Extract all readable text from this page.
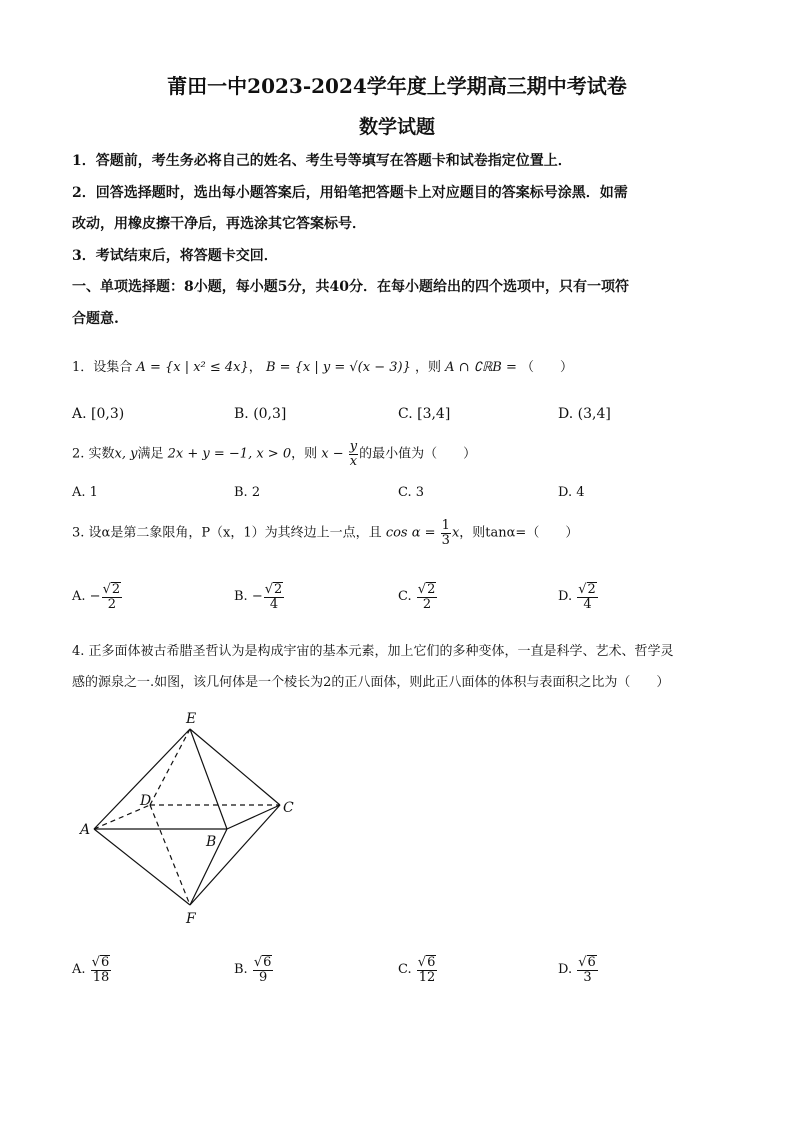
莆田一中2023-2024学年度上学期高三期中考试卷
数学试题
1．答题前，考生务必将自己的姓名、考生号等填写在答题卡和试卷指定位置上．
2．回答选择题时，选出每小题答案后，用铅笔把答题卡上对应题目的答案标号涂黑．如需
改动，用橡皮擦干净后，再选涂其它答案标号．
3．考试结束后，将答题卡交回．
一、单项选择题：8小题，每小题5分，共40分．在每小题给出的四个选项中，只有一项符
合题意.
1．设集合 A = {x | x² ≤ 4x}， B = {x | y = √(x − 3)} ，则 A ∩ ∁ℝB = （　　）
A. [0,3)	B. (0,3]	C. [3,4]	D. (3,4]
2. 实数x, y满足 2x + y = −1, x > 0，则 $x - \frac{y}{x}$ 的最小值为（　　）
A. 1	B. 2	C. 3	D. 4
3. 设α是第二象限角，P（x，1）为其终边上一点，且 $\cos \alpha = \frac{1}{3}$ x，则tanα=（　　）
A. − $\frac{√2}{2}$	B. − $\frac{√2}{4}$	C. $\frac{√2}{2}$	D. $\frac{√2}{4}$
4. 正多面体被古希腊圣哲认为是构成宇宙的基本元素，加上它们的多种变体，一直是科学、艺术、哲学灵
感的源泉之一.如图，该几何体是一个棱长为2的正八面体，则此正八面体的体积与表面积之比为（　　）
E
D	C
A
B
F
A. $\frac{√6}{18}$	B. $\frac{√6}{9}$	C. $\frac{√6}{12}$	D. $\frac{√6}{3}$
